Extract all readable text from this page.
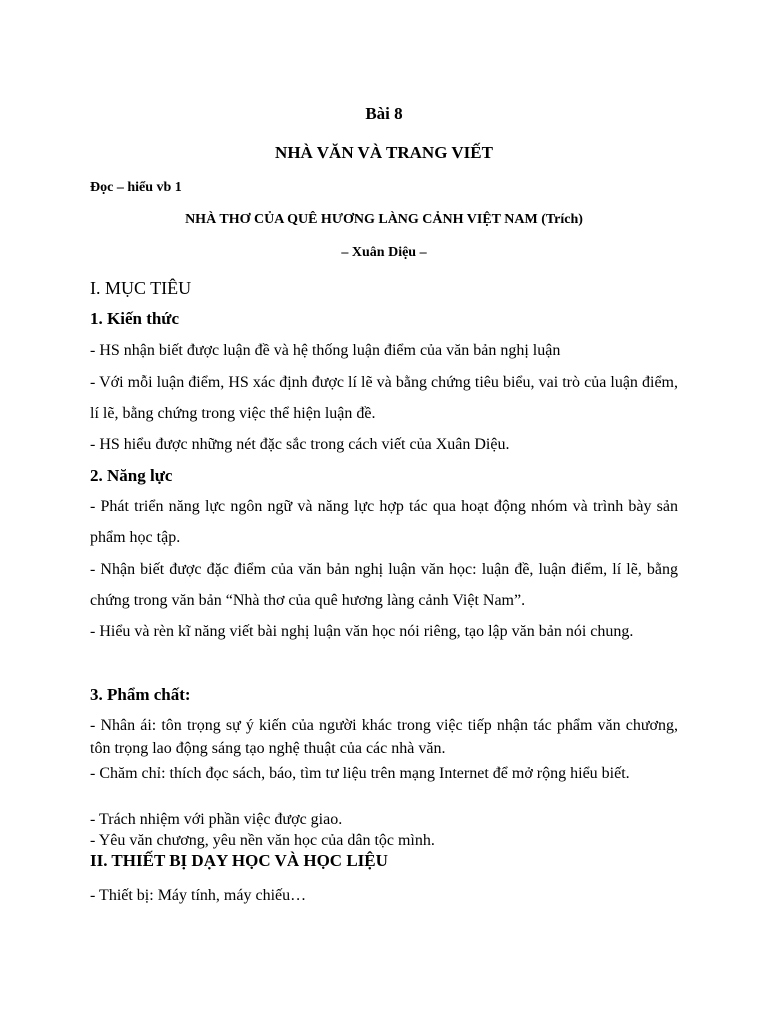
Bài 8

NHÀ VĂN VÀ TRANG VIẾT

Đọc – hiểu vb 1

NHÀ THƠ CỦA QUÊ HƯƠNG LÀNG CẢNH VIỆT NAM (Trích)

– Xuân Diệu –

I. MỤC TIÊU

1. Kiến thức

- HS nhận biết được luận đề và hệ thống luận điểm của văn bản nghị luận

- Với mỗi luận điểm, HS xác định được lí lẽ và bằng chứng tiêu biểu, vai trò của luận điểm, lí lẽ, bằng chứng trong việc thể hiện luận đề.

- HS hiểu được những nét đặc sắc trong cách viết của Xuân Diệu.

2. Năng lực

- Phát triển năng lực ngôn ngữ và năng lực hợp tác qua hoạt động nhóm và trình bày sản phẩm học tập.

- Nhận biết được đặc điểm của văn bản nghị luận văn học: luận đề, luận điểm, lí lẽ, bằng chứng trong văn bản “Nhà thơ của quê hương làng cảnh Việt Nam”.

- Hiểu và rèn kĩ năng viết bài nghị luận văn học nói riêng, tạo lập văn bản nói chung.

3. Phẩm chất:

- Nhân ái: tôn trọng sự ý kiến của người khác trong việc tiếp nhận tác phẩm văn chương, tôn trọng lao động sáng tạo nghệ thuật của các nhà văn.

- Chăm chỉ: thích đọc sách, báo, tìm tư liệu trên mạng Internet để mở rộng hiểu biết.

- Trách nhiệm với phần việc được giao.

- Yêu văn chương, yêu nền văn học của dân tộc mình.

II. THIẾT BỊ DẠY HỌC VÀ HỌC LIỆU

- Thiết bị: Máy tính, máy chiếu…
